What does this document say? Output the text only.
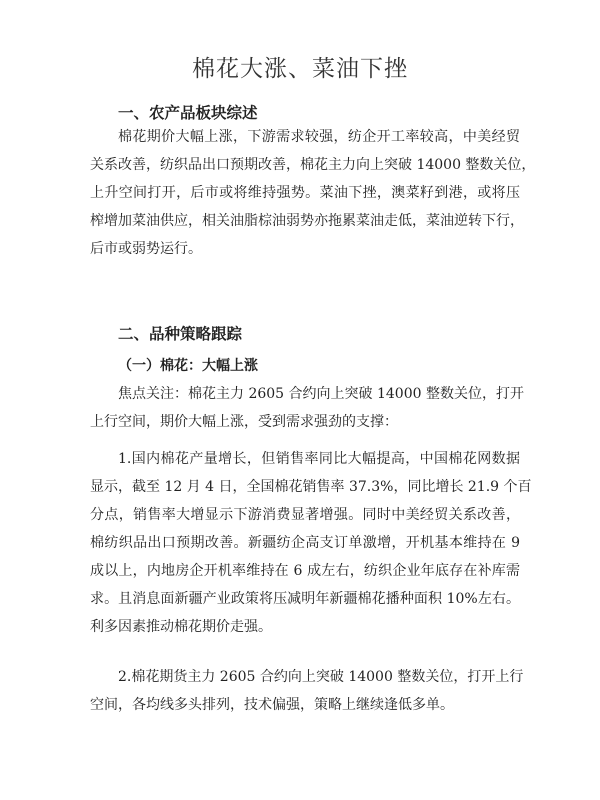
棉花大涨、菜油下挫
一、农产品板块综述
棉花期价大幅上涨，下游需求较强，纺企开工率较高，中美经贸
关系改善，纺织品出口预期改善，棉花主力向上突破 14000 整数关位，
上升空间打开，后市或将维持强势。菜油下挫，澳菜籽到港，或将压
榨增加菜油供应，相关油脂棕油弱势亦拖累菜油走低，菜油逆转下行，
后市或弱势运行。
二、品种策略跟踪
（一）棉花：大幅上涨
焦点关注：棉花主力 2605 合约向上突破 14000 整数关位，打开
上行空间，期价大幅上涨，受到需求强劲的支撑：
1.国内棉花产量增长，但销售率同比大幅提高，中国棉花网数据
显示，截至 12 月 4 日，全国棉花销售率 37.3%，同比增长 21.9 个百
分点，销售率大增显示下游消费显著增强。同时中美经贸关系改善，
棉纺织品出口预期改善。新疆纺企高支订单激增，开机基本维持在 9
成以上，内地房企开机率维持在 6 成左右，纺织企业年底存在补库需
求。且消息面新疆产业政策将压减明年新疆棉花播种面积 10%左右。
利多因素推动棉花期价走强。
2.棉花期货主力 2605 合约向上突破 14000 整数关位，打开上行
空间，各均线多头排列，技术偏强，策略上继续逢低多单。
